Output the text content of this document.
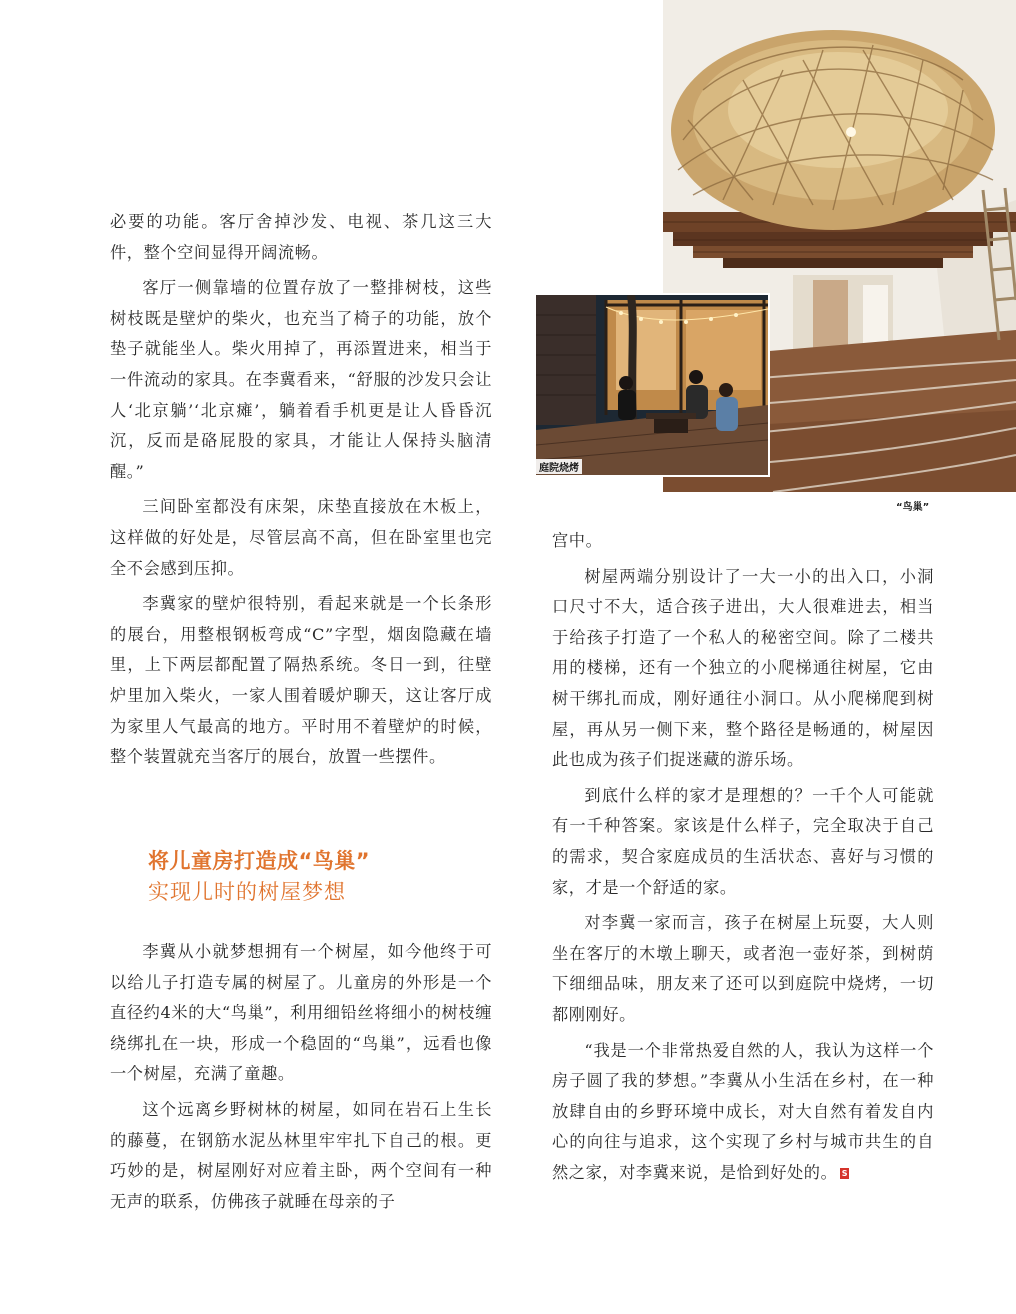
必要的功能。客厅舍掉沙发、电视、茶几这三大件，整个空间显得开阔流畅。

客厅一侧靠墙的位置存放了一整排树枝，这些树枝既是壁炉的柴火，也充当了椅子的功能，放个垫子就能坐人。柴火用掉了，再添置进来，相当于一件流动的家具。在李冀看来，“舒服的沙发只会让人‘北京躺’‘北京瘫’，躺着看手机更是让人昏昏沉沉，反而是硌屁股的家具，才能让人保持头脑清醒。”

三间卧室都没有床架，床垫直接放在木板上，这样做的好处是，尽管层高不高，但在卧室里也完全不会感到压抑。

李冀家的壁炉很特别，看起来就是一个长条形的展台，用整根钢板弯成“C”字型，烟囱隐藏在墙里，上下两层都配置了隔热系统。冬日一到，往壁炉里加入柴火，一家人围着暖炉聊天，这让客厅成为家里人气最高的地方。平时用不着壁炉的时候，整个装置就充当客厅的展台，放置一些摆件。

将儿童房打造成“鸟巢”
实现儿时的树屋梦想

李冀从小就梦想拥有一个树屋，如今他终于可以给儿子打造专属的树屋了。儿童房的外形是一个直径约4米的大“鸟巢”，利用细铅丝将细小的树枝缠绕绑扎在一块，形成一个稳固的“鸟巢”，远看也像一个树屋，充满了童趣。

这个远离乡野树林的树屋，如同在岩石上生长的藤蔓，在钢筋水泥丛林里牢牢扎下自己的根。更巧妙的是，树屋刚好对应着主卧，两个空间有一种无声的联系，仿佛孩子就睡在母亲的子

宫中。

树屋两端分别设计了一大一小的出入口，小洞口尺寸不大，适合孩子进出，大人很难进去，相当于给孩子打造了一个私人的秘密空间。除了二楼共用的楼梯，还有一个独立的小爬梯通往树屋，它由树干绑扎而成，刚好通往小洞口。从小爬梯爬到树屋，再从另一侧下来，整个路径是畅通的，树屋因此也成为孩子们捉迷藏的游乐场。

到底什么样的家才是理想的？一千个人可能就有一千种答案。家该是什么样子，完全取决于自己的需求，契合家庭成员的生活状态、喜好与习惯的家，才是一个舒适的家。

对李冀一家而言，孩子在树屋上玩耍，大人则坐在客厅的木墩上聊天，或者泡一壶好茶，到树荫下细细品味，朋友来了还可以到庭院中烧烤，一切都刚刚好。

“我是一个非常热爱自然的人，我认为这样一个房子圆了我的梦想。”李冀从小生活在乡村，在一种放肆自由的乡野环境中成长，对大自然有着发自内心的向往与追求，这个实现了乡村与城市共生的自然之家，对李冀来说，是恰到好处的。 S

“鸟巢”
庭院烧烤
